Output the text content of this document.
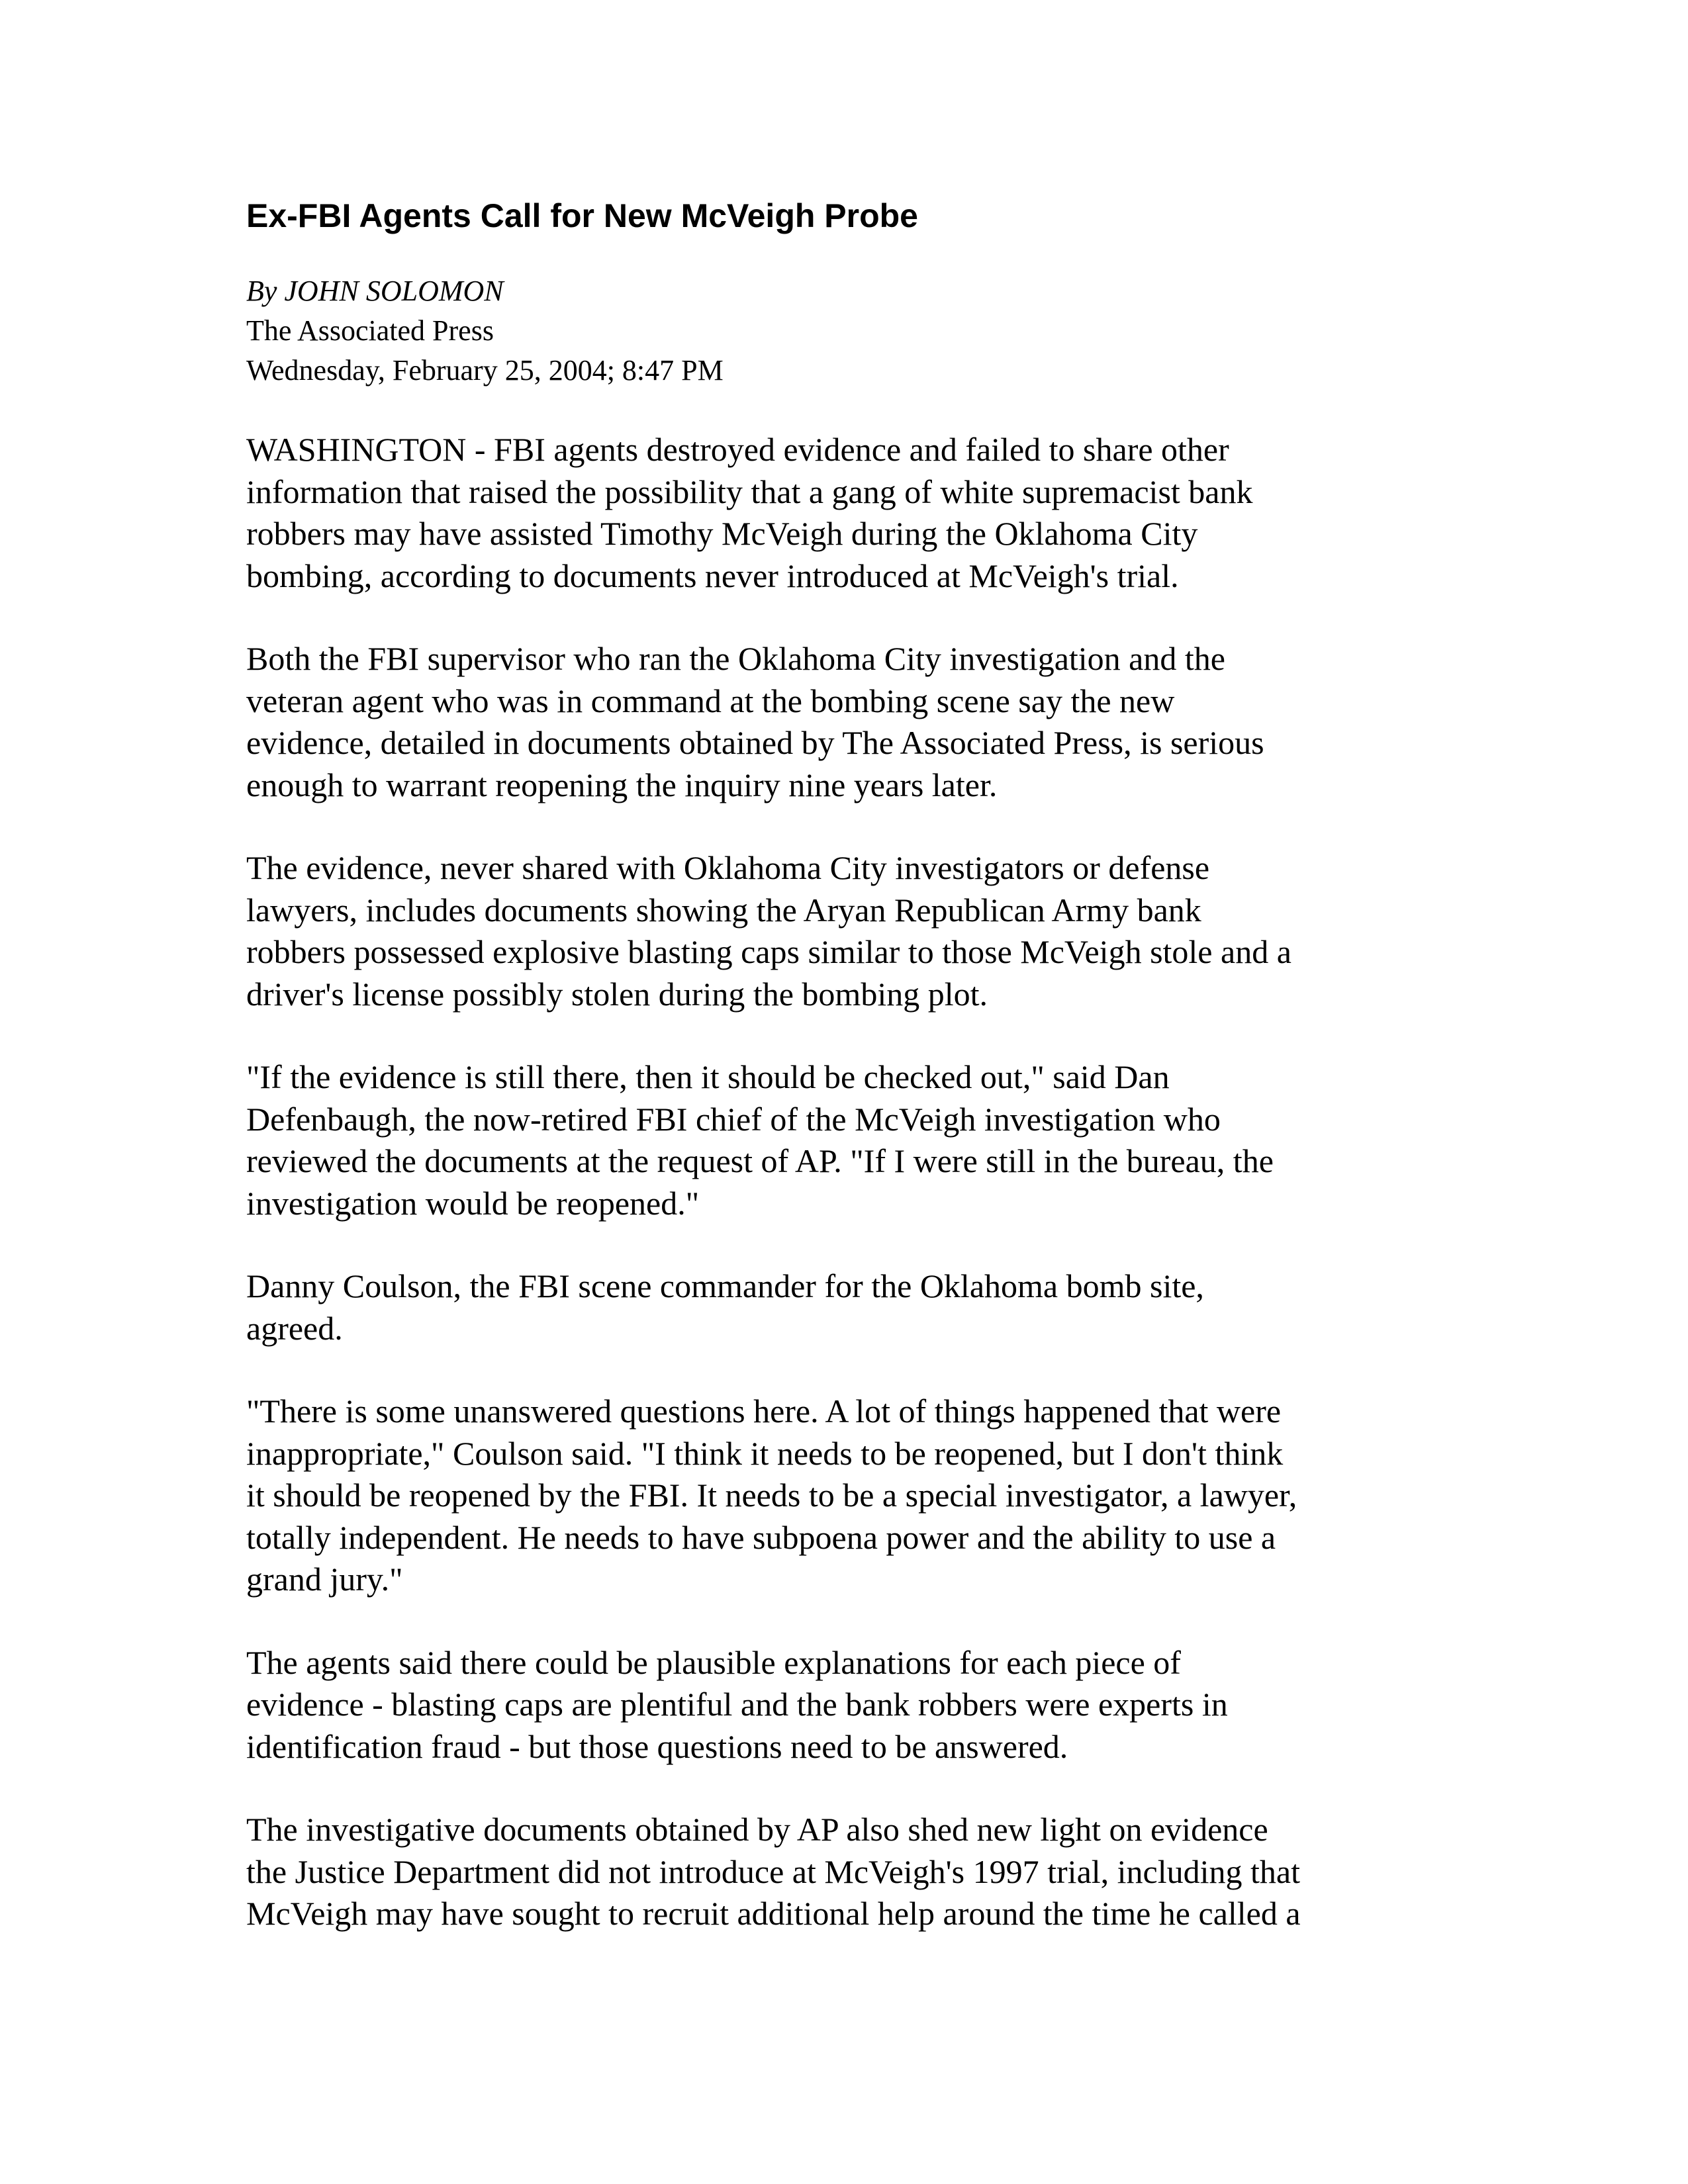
Ex-FBI Agents Call for New McVeigh Probe
By JOHN SOLOMON
The Associated Press
Wednesday, February 25, 2004; 8:47 PM

WASHINGTON - FBI agents destroyed evidence and failed to share other
information that raised the possibility that a gang of white supremacist bank
robbers may have assisted Timothy McVeigh during the Oklahoma City
bombing, according to documents never introduced at McVeigh's trial.

Both the FBI supervisor who ran the Oklahoma City investigation and the
veteran agent who was in command at the bombing scene say the new
evidence, detailed in documents obtained by The Associated Press, is serious
enough to warrant reopening the inquiry nine years later.

The evidence, never shared with Oklahoma City investigators or defense
lawyers, includes documents showing the Aryan Republican Army bank
robbers possessed explosive blasting caps similar to those McVeigh stole and a
driver's license possibly stolen during the bombing plot.

"If the evidence is still there, then it should be checked out," said Dan
Defenbaugh, the now-retired FBI chief of the McVeigh investigation who
reviewed the documents at the request of AP. "If I were still in the bureau, the
investigation would be reopened."

Danny Coulson, the FBI scene commander for the Oklahoma bomb site,
agreed.

"There is some unanswered questions here. A lot of things happened that were
inappropriate," Coulson said. "I think it needs to be reopened, but I don't think
it should be reopened by the FBI. It needs to be a special investigator, a lawyer,
totally independent. He needs to have subpoena power and the ability to use a
grand jury."

The agents said there could be plausible explanations for each piece of
evidence - blasting caps are plentiful and the bank robbers were experts in
identification fraud - but those questions need to be answered.

The investigative documents obtained by AP also shed new light on evidence
the Justice Department did not introduce at McVeigh's 1997 trial, including that
McVeigh may have sought to recruit additional help around the time he called a
